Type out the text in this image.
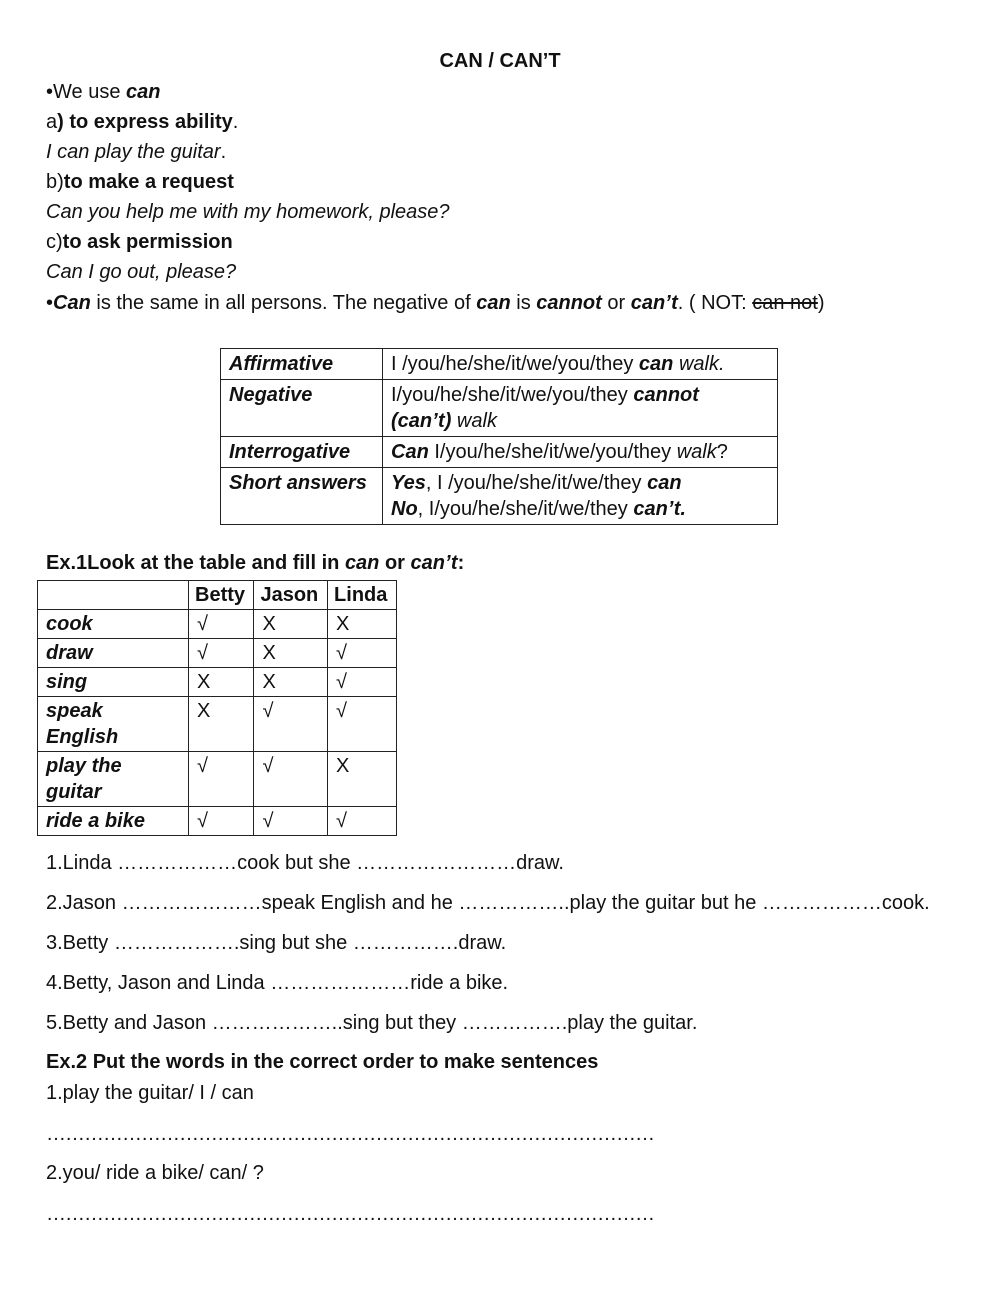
CAN / CAN’T
•We use can
a) to express ability.
I can play the guitar.
b)to make a request
Can you help me with my homework, please?
c)to ask permission
Can I go out, please?
•Can is the same in all persons. The negative of can is cannot or can’t. ( NOT: can not)
Affirmative	I /you/he/she/it/we/you/they can walk.
Negative	I/you/he/she/it/we/you/they cannot
(can’t) walk
Interrogative	Can I/you/he/she/it/we/you/they walk?
Short answers	Yes, I /you/he/she/it/we/they can
No, I/you/he/she/it/we/they can’t.
Ex.1Look at the table and fill in can or can’t:
	Betty	Jason	Linda
cook	√	X	X
draw	√	X	√
sing	X	X	√
speak English	X	√	√
play the guitar	√	√	X
ride a bike	√	√	√
1.Linda ………………cook but she ……………………draw.
2.Jason …………………speak English and he ……………..play the guitar but he ………………cook.
3.Betty ……………….sing but she …………….draw.
4.Betty, Jason and Linda …………………ride a bike.
5.Betty and Jason ………………..sing but they …………….play the guitar.
Ex.2 Put the words in the correct order to make sentences
1.play the guitar/ I / can
……………………………………………………………………………………
2.you/ ride a bike/ can/ ?
……………………………………………………………………………………
